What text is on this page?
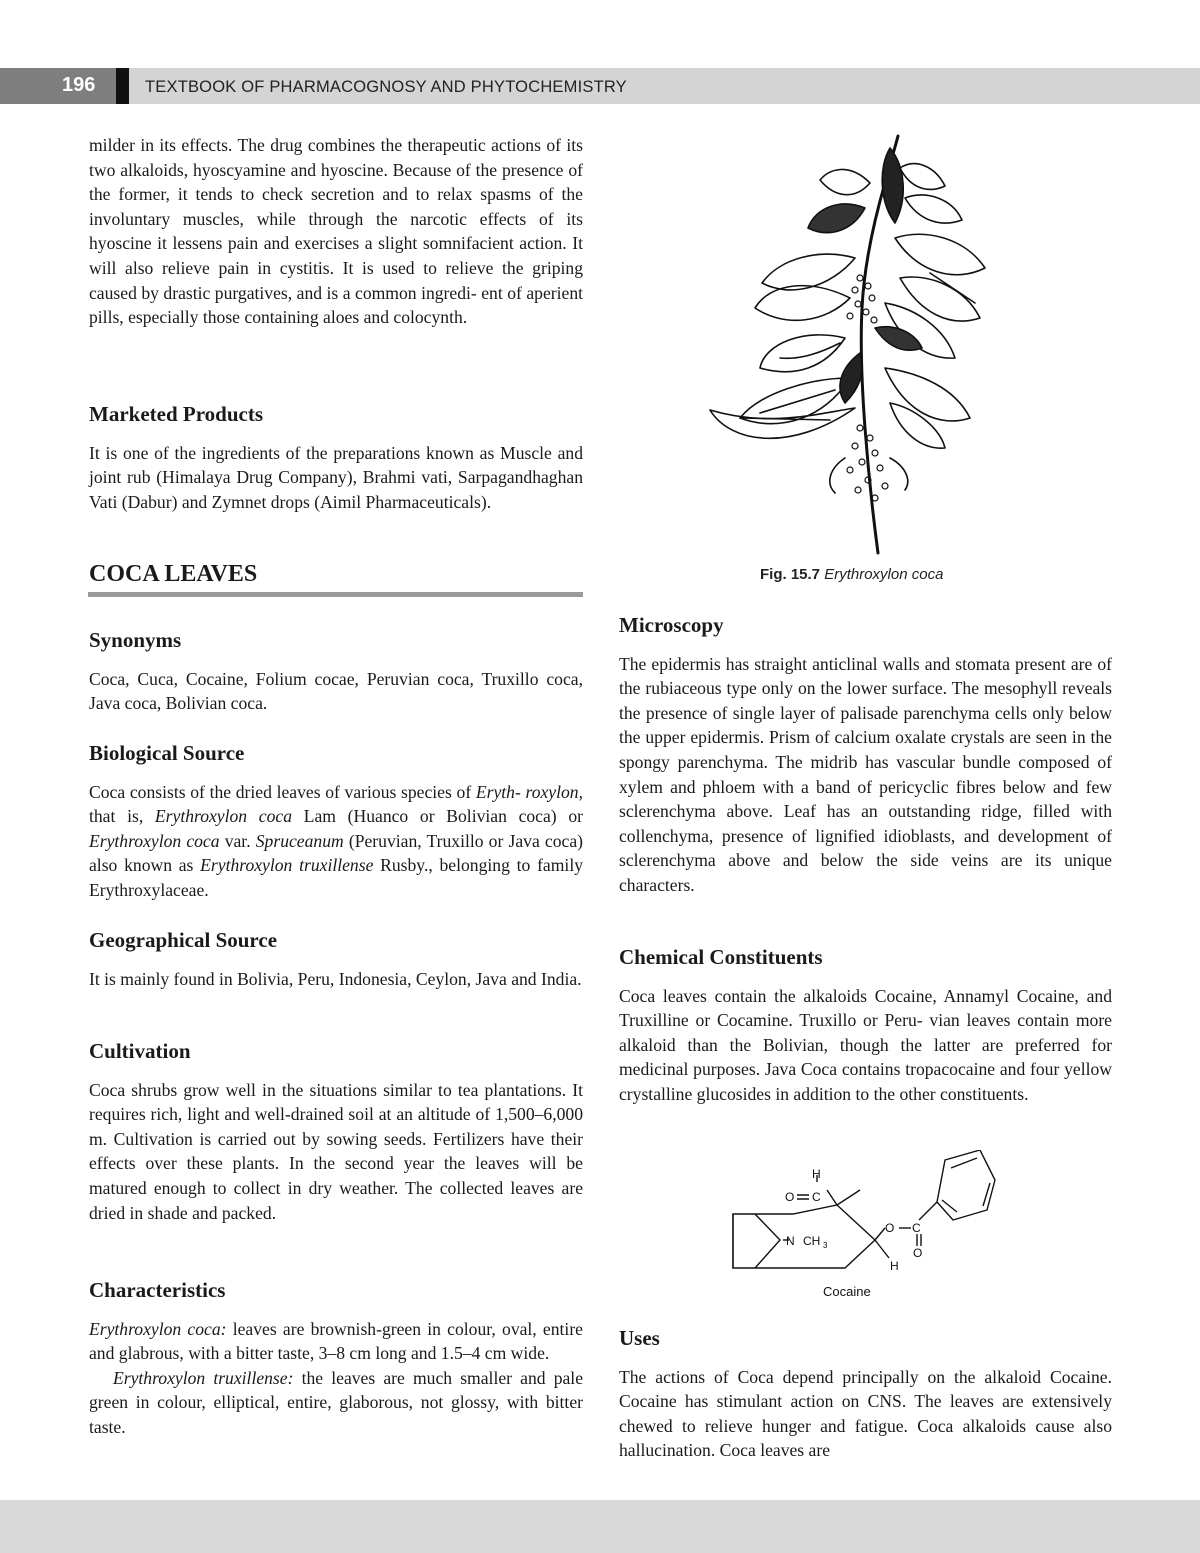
196	TEXTBOOK OF PHARMACOGNOSY AND PHYTOCHEMISTRY

milder in its effects. The drug combines the therapeutic actions of its two alkaloids, hyoscyamine and hyoscine. Because of the presence of the former, it tends to check secretion and to relax spasms of the involuntary muscles, while through the narcotic effects of its hyoscine it lessens pain and exercises a slight somnifacient action. It will also relieve pain in cystitis. It is used to relieve the griping caused by drastic purgatives, and is a common ingredi- ent of aperient pills, especially those containing aloes and colocynth.

Marketed Products

It is one of the ingredients of the preparations known as Muscle and joint rub (Himalaya Drug Company), Brahmi vati, Sarpagandhaghan Vati (Dabur) and Zymnet drops (Aimil Pharmaceuticals).

COCA LEAVES
Synonyms

Coca, Cuca, Cocaine, Folium cocae, Peruvian coca, Truxillo coca, Java coca, Bolivian coca.

Biological Source

Coca consists of the dried leaves of various species of Eryth- roxylon, that is, Erythroxylon coca Lam (Huanco or Bolivian coca) or Erythroxylon coca var. Spruceanum (Peruvian, Truxillo or Java coca) also known as Erythroxylon truxillense Rusby., belonging to family Erythroxylaceae.

Geographical Source

It is mainly found in Bolivia, Peru, Indonesia, Ceylon, Java and India.

Cultivation

Coca shrubs grow well in the situations similar to tea plantations. It requires rich, light and well-drained soil at an altitude of 1,500–6,000 m. Cultivation is carried out by sowing seeds. Fertilizers have their effects over these plants. In the second year the leaves will be matured enough to collect in dry weather. The collected leaves are dried in shade and packed.

Characteristics

Erythroxylon coca: leaves are brownish-green in colour, oval, entire and glabrous, with a bitter taste, 3–8 cm long and 1.5–4 cm wide.

Erythroxylon truxillense: the leaves are much smaller and pale green in colour, elliptical, entire, glaborous, not glossy, with bitter taste.

Fig. 15.7 Erythroxylon coca
Microscopy

The epidermis has straight anticlinal walls and stomata present are of the rubiaceous type only on the lower surface. The mesophyll reveals the presence of single layer of palisade parenchyma cells only below the upper epidermis. Prism of calcium oxalate crystals are seen in the spongy parenchyma. The midrib has vascular bundle composed of xylem and phloem with a band of pericyclic fibres below and few sclerenchyma above. Leaf has an outstanding ridge, filled with collenchyma, presence of lignified idioblasts, and development of sclerenchyma above and below the side veins are its unique characters.

Chemical Constituents

Coca leaves contain the alkaloids Cocaine, Annamyl Cocaine, and Truxilline or Cocamine. Truxillo or Peru- vian leaves contain more alkaloid than the Bolivian, though the latter are preferred for medicinal purposes. Java Coca contains tropacocaine and four yellow crystalline glucosides in addition to the other constituents.

H
O C
N CH 3
O C
O
H
Cocaine
Uses

The actions of Coca depend principally on the alkaloid Cocaine. Cocaine has stimulant action on CNS. The leaves are extensively chewed to relieve hunger and fatigue. Coca alkaloids cause also hallucination. Coca leaves are
